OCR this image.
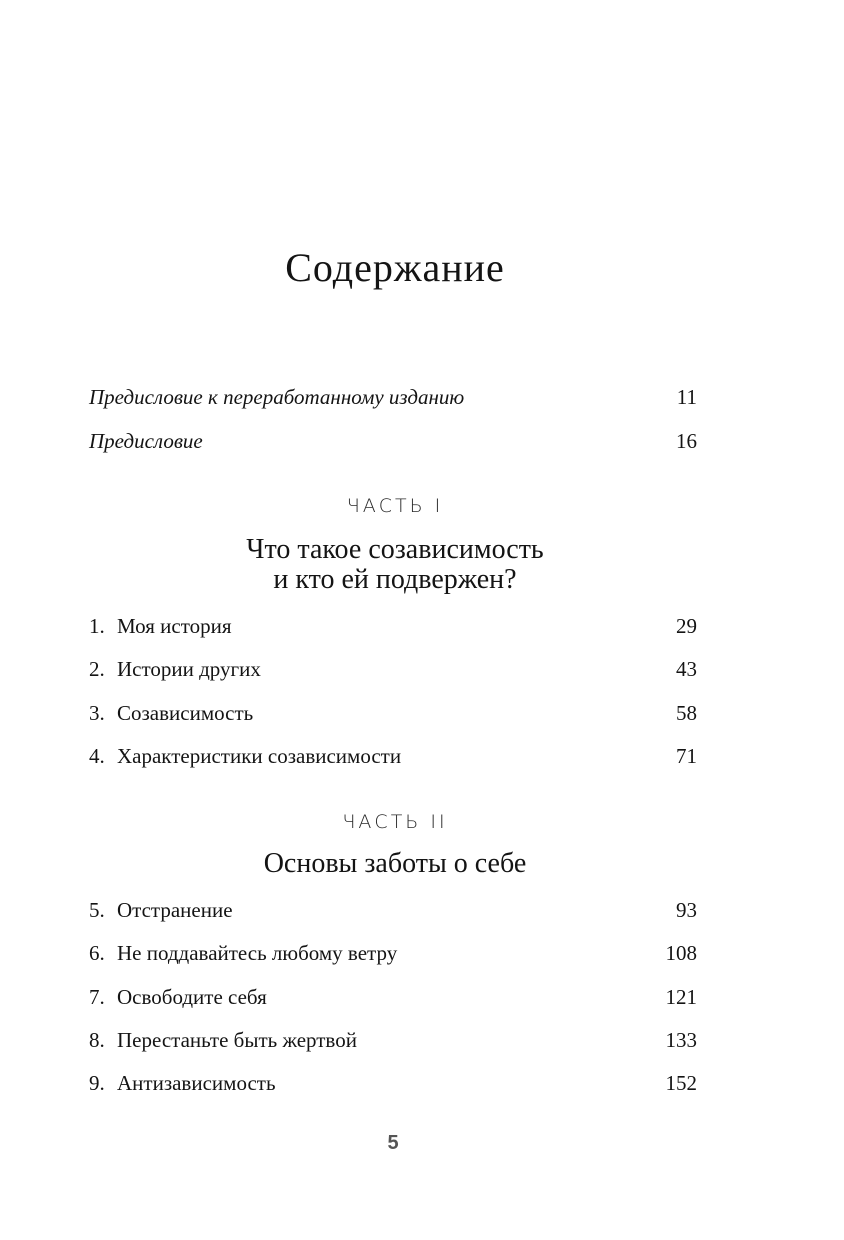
Содержание
Предисловие к переработанному изданию	11
Предисловие	16
ЧАСТЬ I
Что такое созависимость
и кто ей подвержен?
1. Моя история	29
2. Истории других	43
3. Созависимость	58
4. Характеристики созависимости	71
ЧАСТЬ II
Основы заботы о себе
5. Отстранение	93
6. Не поддавайтесь любому ветру	108
7. Освободите себя	121
8. Перестаньте быть жертвой	133
9. Антизависимость	152
5
